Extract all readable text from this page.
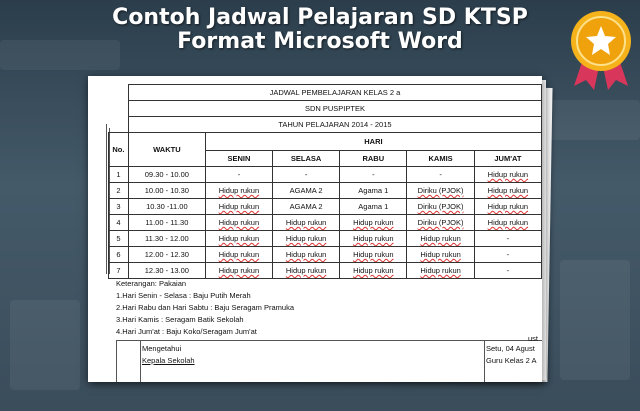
Contoh Jadwal Pelajaran SD KTSP
Format Microsoft Word
	JADWAL PEMBELAJARAN KELAS 2 a					
	SDN PUSPIPTEK					
	TAHUN PELAJARAN 2014 - 2015					
No.	WAKTU	HARI				
		SENIN	SELASA	RABU	KAMIS	JUM'AT
1	09.30 - 10.00	-	-	-	-	Hidup rukun
2	10.00 - 10.30	Hidup rukun	AGAMA 2	Agama 1	Diriku (PJOK)	Hidup rukun
3	10.30 -11.00	Hidup rukun	AGAMA 2	Agama 1	Diriku (PJOK)	Hidup rukun
4	11.00 - 11.30	Hidup rukun	Hidup rukun	Hidup rukun	Diriku (PJOK)	Hidup rukun
5	11.30 - 12.00	Hidup rukun	Hidup rukun	Hidup rukun	Hidup rukun	-
6	12.00 - 12.30	Hidup rukun	Hidup rukun	Hidup rukun	Hidup rukun	-
7	12.30 - 13.00	Hidup rukun	Hidup rukun	Hidup rukun	Hidup rukun	-
Keterangan: Pakaian
1.Hari Senin - Selasa : Baju Putih Merah
2.Hari Rabu dan Hari Sabtu : Baju Seragam Pramuka
3.Hari Kamis : Seragam Batik Sekolah
4.Hari Jum'at : Baju Koko/Seragam Jum'at
Mengetahui
Kepala Sekolah
Setu, 04 Agust
Guru Kelas 2 A
ust
